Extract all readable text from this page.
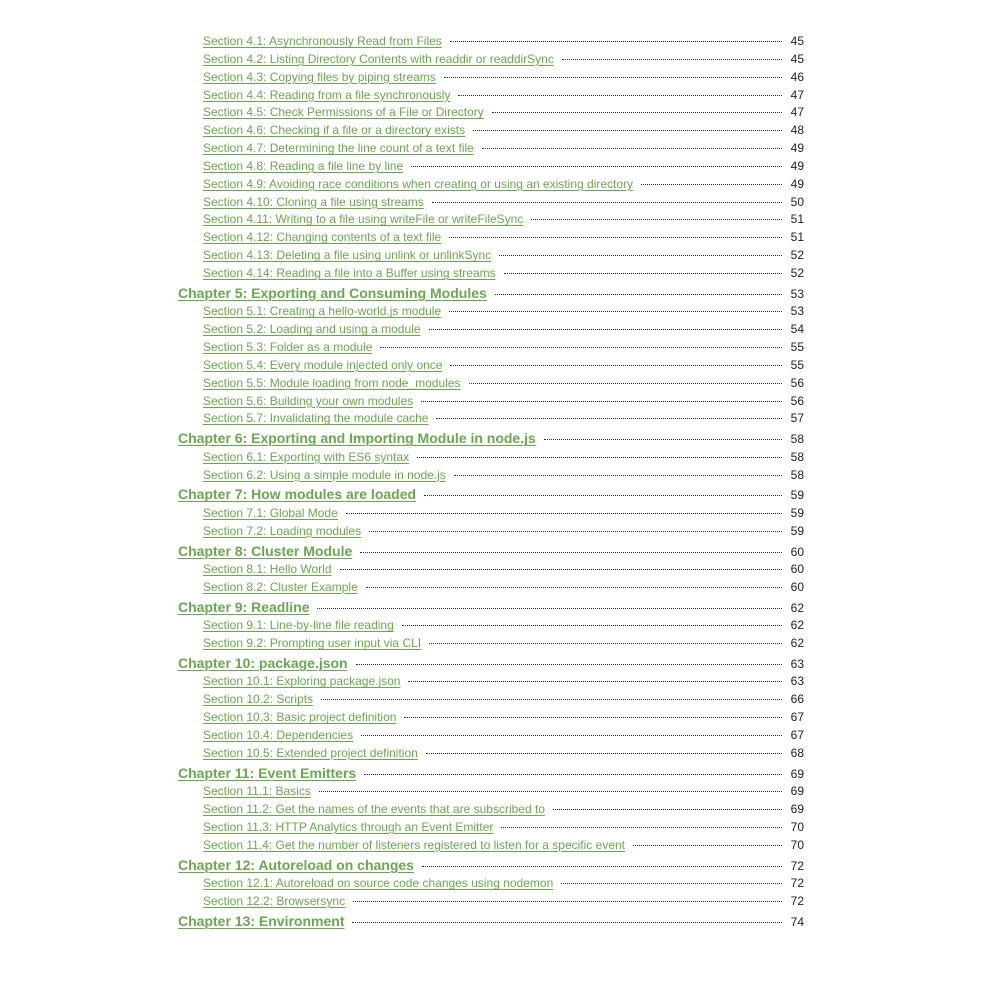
Section 4.1: Asynchronously Read from Files	45
Section 4.2: Listing Directory Contents with readdir or readdirSync	45
Section 4.3: Copying files by piping streams	46
Section 4.4: Reading from a file synchronously	47
Section 4.5: Check Permissions of a File or Directory	47
Section 4.6: Checking if a file or a directory exists	48
Section 4.7: Determining the line count of a text file	49
Section 4.8: Reading a file line by line	49
Section 4.9: Avoiding race conditions when creating or using an existing directory	49
Section 4.10: Cloning a file using streams	50
Section 4.11: Writing to a file using writeFile or writeFileSync	51
Section 4.12: Changing contents of a text file	51
Section 4.13: Deleting a file using unlink or unlinkSync	52
Section 4.14: Reading a file into a Buffer using streams	52
Chapter 5: Exporting and Consuming Modules	53
Section 5.1: Creating a hello-world.js module	53
Section 5.2: Loading and using a module	54
Section 5.3: Folder as a module	55
Section 5.4: Every module injected only once	55
Section 5.5: Module loading from node_modules	56
Section 5.6: Building your own modules	56
Section 5.7: Invalidating the module cache	57
Chapter 6: Exporting and Importing Module in node.js	58
Section 6.1: Exporting with ES6 syntax	58
Section 6.2: Using a simple module in node.js	58
Chapter 7: How modules are loaded	59
Section 7.1: Global Mode	59
Section 7.2: Loading modules	59
Chapter 8: Cluster Module	60
Section 8.1: Hello World	60
Section 8.2: Cluster Example	60
Chapter 9: Readline	62
Section 9.1: Line-by-line file reading	62
Section 9.2: Prompting user input via CLI	62
Chapter 10: package.json	63
Section 10.1: Exploring package.json	63
Section 10.2: Scripts	66
Section 10.3: Basic project definition	67
Section 10.4: Dependencies	67
Section 10.5: Extended project definition	68
Chapter 11: Event Emitters	69
Section 11.1: Basics	69
Section 11.2: Get the names of the events that are subscribed to	69
Section 11.3: HTTP Analytics through an Event Emitter	70
Section 11.4: Get the number of listeners registered to listen for a specific event	70
Chapter 12: Autoreload on changes	72
Section 12.1: Autoreload on source code changes using nodemon	72
Section 12.2: Browsersync	72
Chapter 13: Environment	74
